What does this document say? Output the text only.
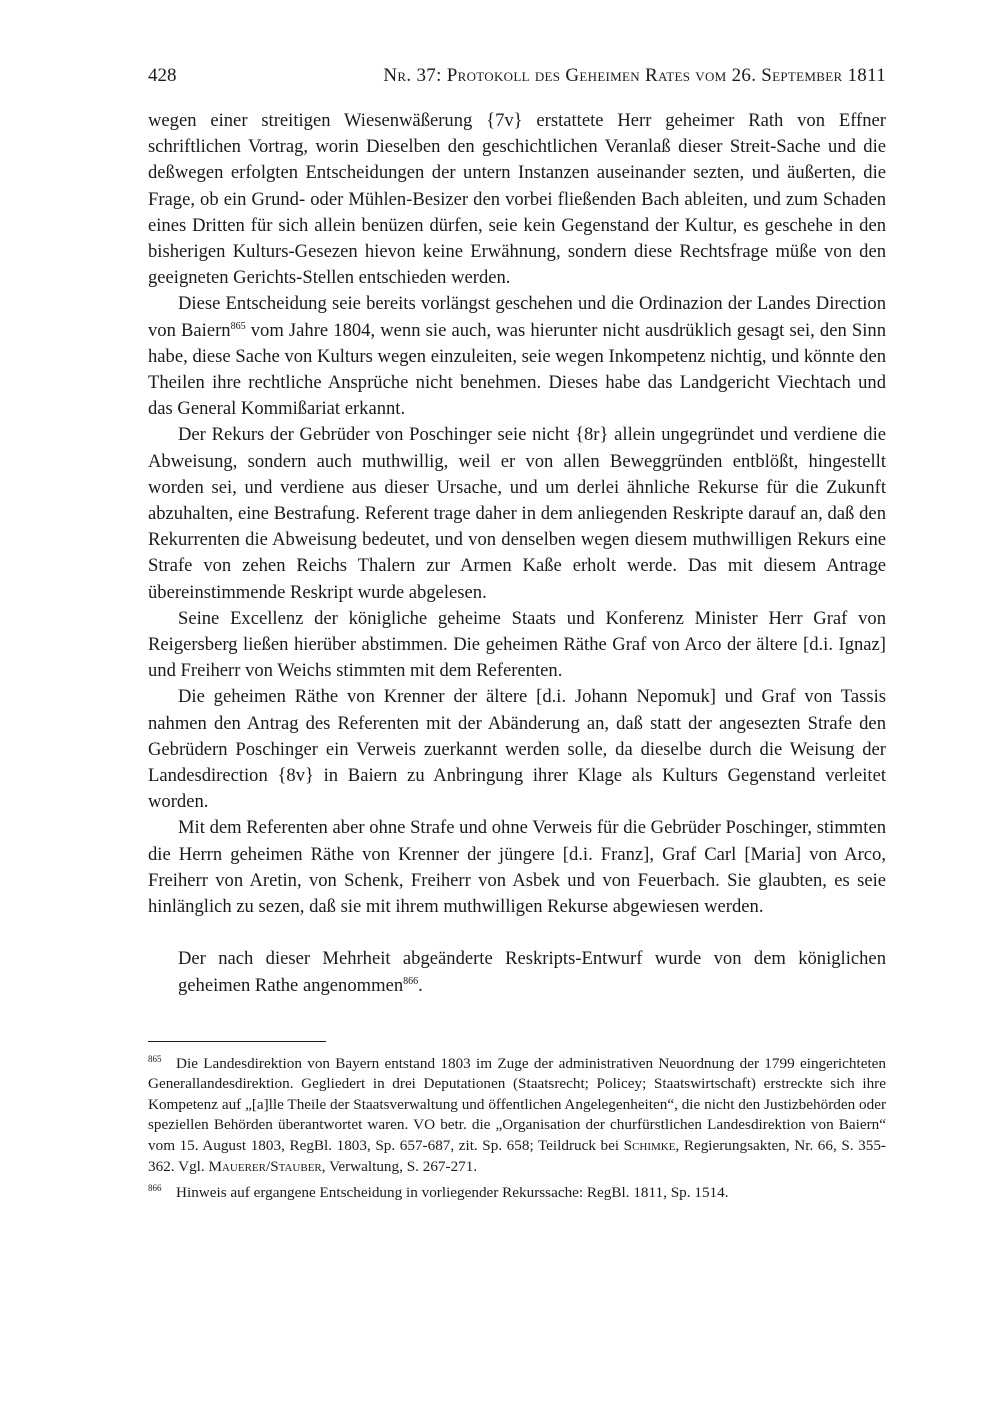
428	Nr. 37: Protokoll des Geheimen Rates vom 26. September 1811

wegen einer streitigen Wiesenwäßerung {7v} erstattete Herr geheimer Rath von Effner schriftlichen Vortrag, worin Dieselben den geschichtlichen Veranlaß dieser Streit-Sache und die deßwegen erfolgten Entscheidungen der untern Instanzen auseinander sezten, und äußerten, die Frage, ob ein Grund- oder Mühlen-Besizer den vorbei fließenden Bach ableiten, und zum Schaden eines Dritten für sich allein benüzen dürfen, seie kein Gegenstand der Kultur, es geschehe in den bisherigen Kulturs-Gesezen hievon keine Erwähnung, sondern diese Rechtsfrage müße von den geeigneten Gerichts-Stellen entschieden werden.

Diese Entscheidung seie bereits vorlängst geschehen und die Ordinazion der Landes Direction von Baiern$^{865}$ vom Jahre 1804, wenn sie auch, was hierunter nicht ausdrüklich gesagt sei, den Sinn habe, diese Sache von Kulturs wegen einzuleiten, seie wegen Inkompetenz nichtig, und könnte den Theilen ihre rechtliche Ansprüche nicht benehmen. Dieses habe das Landgericht Viechtach und das General Kommißariat erkannt.

Der Rekurs der Gebrüder von Poschinger seie nicht {8r} allein ungegründet und verdiene die Abweisung, sondern auch muthwillig, weil er von allen Beweggründen entblößt, hingestellt worden sei, und verdiene aus dieser Ursache, und um derlei ähnliche Rekurse für die Zukunft abzuhalten, eine Bestrafung. Referent trage daher in dem anliegenden Reskripte darauf an, daß den Rekurrenten die Abweisung bedeutet, und von denselben wegen diesem muthwilligen Rekurs eine Strafe von zehen Reichs Thalern zur Armen Kaße erholt werde. Das mit diesem Antrage übereinstimmende Reskript wurde abgelesen.

Seine Excellenz der königliche geheime Staats und Konferenz Minister Herr Graf von Reigersberg ließen hierüber abstimmen. Die geheimen Räthe Graf von Arco der ältere [d.i. Ignaz] und Freiherr von Weichs stimmten mit dem Referenten.

Die geheimen Räthe von Krenner der ältere [d.i. Johann Nepomuk] und Graf von Tassis nahmen den Antrag des Referenten mit der Abänderung an, daß statt der angesezten Strafe den Gebrüdern Poschinger ein Verweis zuerkannt werden solle, da dieselbe durch die Weisung der Landesdirection {8v} in Baiern zu Anbringung ihrer Klage als Kulturs Gegenstand verleitet worden.

Mit dem Referenten aber ohne Strafe und ohne Verweis für die Gebrüder Poschinger, stimmten die Herrn geheimen Räthe von Krenner der jüngere [d.i. Franz], Graf Carl [Maria] von Arco, Freiherr von Aretin, von Schenk, Freiherr von Asbek und von Feuerbach. Sie glaubten, es seie hinlänglich zu sezen, daß sie mit ihrem muthwilligen Rekurse abgewiesen werden.

Der nach dieser Mehrheit abgeänderte Reskripts-Entwurf wurde von dem königlichen geheimen Rathe angenommen$^{866}$.

865 Die Landesdirektion von Bayern entstand 1803 im Zuge der administrativen Neuordnung der 1799 eingerichteten Generallandesdirektion. Gegliedert in drei Deputationen (Staatsrecht; Policey; Staatswirtschaft) erstreckte sich ihre Kompetenz auf „[a]lle Theile der Staatsverwaltung und öffentlichen Angelegenheiten“, die nicht den Justizbehörden oder speziellen Behörden überantwortet waren. VO betr. die „Organisation der churfürstlichen Landesdirektion von Baiern“ vom 15. August 1803, RegBl. 1803, Sp. 657-687, zit. Sp. 658; Teildruck bei Schimke, Regierungsakten, Nr. 66, S. 355-362. Vgl. Mauerer/Stauber, Verwaltung, S. 267-271.

866 Hinweis auf ergangene Entscheidung in vorliegender Rekurssache: RegBl. 1811, Sp. 1514.
